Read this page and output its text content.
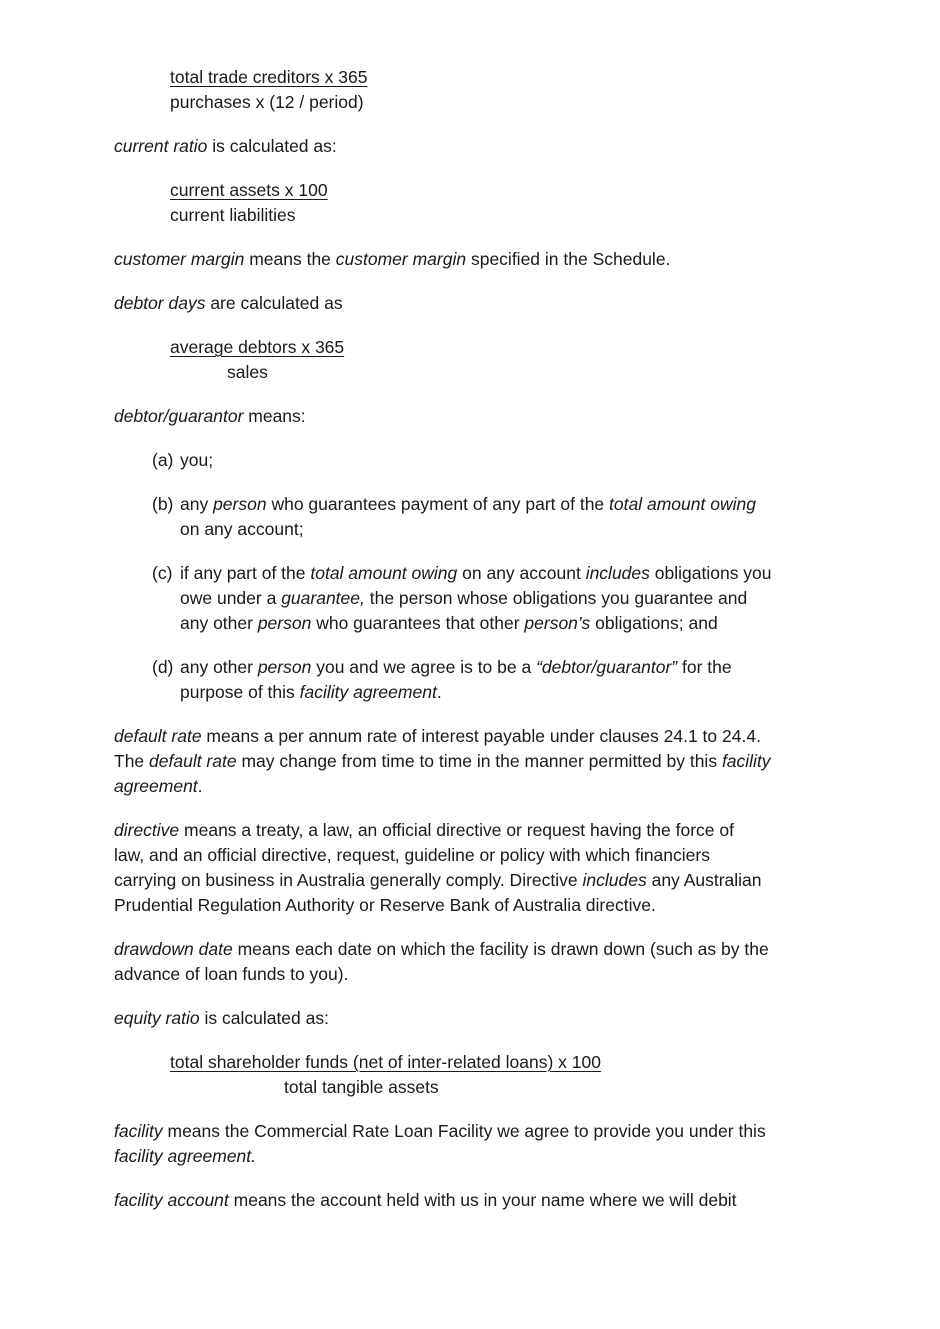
total trade creditors x 365
purchases x (12 / period)
current ratio is calculated as:
current assets x 100
current liabilities
customer margin means the customer margin specified in the Schedule.
debtor days are calculated as
average debtors x 365
sales
debtor/guarantor means:
(a) you;
(b) any person who guarantees payment of any part of the total amount owing
on any account;
(c) if any part of the total amount owing on any account includes obligations you
owe under a guarantee, the person whose obligations you guarantee and
any other person who guarantees that other person’s obligations; and
(d) any other person you and we agree is to be a “debtor/guarantor” for the
purpose of this facility agreement.
default rate means a per annum rate of interest payable under clauses 24.1 to 24.4.
The default rate may change from time to time in the manner permitted by this facility
agreement.
directive means a treaty, a law, an official directive or request having the force of
law, and an official directive, request, guideline or policy with which financiers
carrying on business in Australia generally comply. Directive includes any Australian
Prudential Regulation Authority or Reserve Bank of Australia directive.
drawdown date means each date on which the facility is drawn down (such as by the
advance of loan funds to you).
equity ratio is calculated as:
total shareholder funds (net of inter-related loans) x 100
total tangible assets
facility means the Commercial Rate Loan Facility we agree to provide you under this
facility agreement.
facility account means the account held with us in your name where we will debit
